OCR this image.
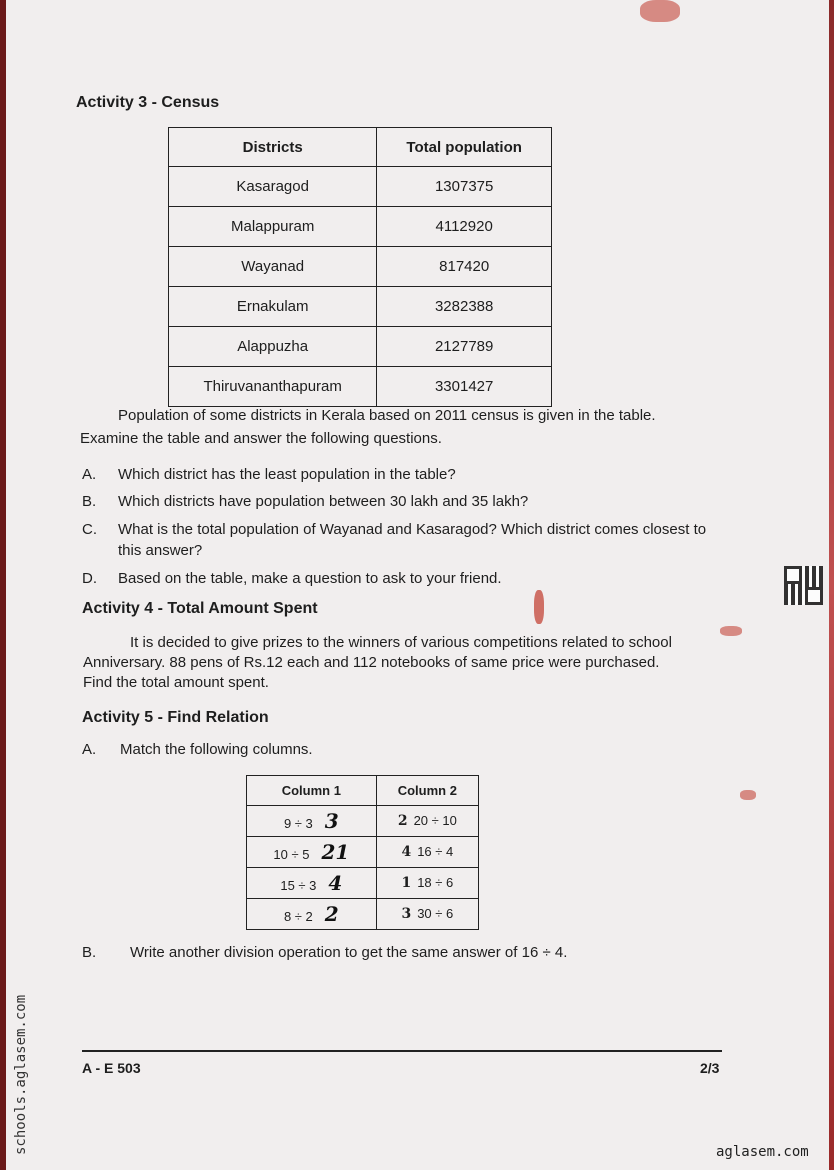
Activity 3 - Census
Districts	Total population
Kasaragod	1307375
Malappuram	4112920
Wayanad	817420
Ernakulam	3282388
Alappuzha	2127789
Thiruvananthapuram	3301427
Population of some districts in Kerala based on 2011 census is given in the table.
Examine the table and answer the following questions.
A. Which district has the least population in the table?
B. Which districts have population between 30 lakh and 35 lakh?
C. What is the total population of Wayanad and Kasaragod? Which district comes closest to this answer?
D. Based on the table, make a question to ask to your friend.
Activity 4 - Total Amount Spent
It is decided to give prizes to the winners of various competitions related to school
Anniversary. 88 pens of Rs.12 each and 112 notebooks of same price were purchased.
Find the total amount spent.
Activity 5 - Find Relation
A. Match the following columns.
Column 1	Column 2
9 ÷ 3 3	2 20 ÷ 10
10 ÷ 5 21	4 16 ÷ 4
15 ÷ 3 4	1 18 ÷ 6
8 ÷ 2 2	3 30 ÷ 6
B. Write another division operation to get the same answer of 16 ÷ 4.
A - E 503	2/3
schools.aglasem.com	aglasem.com
